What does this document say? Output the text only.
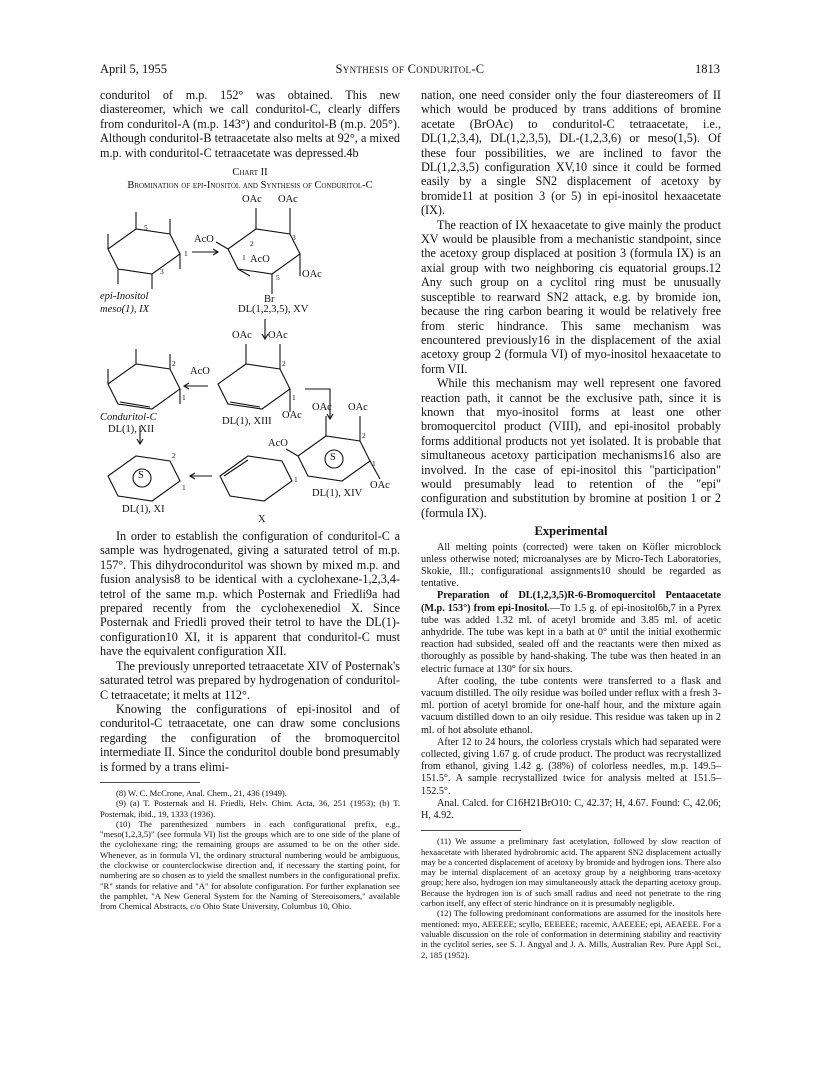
April 5, 1955	Synthesis of Conduritol-C	1813

conduritol of m.p. 152° was obtained. This new diastereomer, which we call conduritol-C, clearly differs from conduritol-A (m.p. 143°) and conduritol-B (m.p. 205°). Although conduritol-B tetraacetate also melts at 92°, a mixed m.p. with conduritol-C tetraacetate was depressed.4b

Chart II
Bromination of epi-Inositol and Synthesis of Conduritol-C
5
3
1
epi-Inositol
meso(1), IX
OAc OAc
AcO
AcO
OAc
Br
3
2
1
5
DL(1,2,3,5), XV
OAc OAc
AcO
OAc
2
1
DL(1), XIII
2
1
Conduritol-C
DL(1), XII
OAc OAc
AcO
OAc
S
2
1
DL(1), XIV
1
X
S
2
1
DL(1), XI

In order to establish the configuration of conduritol-C a sample was hydrogenated, giving a saturated tetrol of m.p. 157°. This dihydroconduritol was shown by mixed m.p. and fusion analysis8 to be identical with a cyclohexane-1,2,3,4-tetrol of the same m.p. which Posternak and Friedli9a had prepared recently from the cyclohexenediol X. Since Posternak and Friedli proved their tetrol to have the DL(1)-configuration10 XI, it is apparent that conduritol-C must have the equivalent configuration XII.

The previously unreported tetraacetate XIV of Posternak's saturated tetrol was prepared by hydrogenation of conduritol-C tetraacetate; it melts at 112°.

Knowing the configurations of epi-inositol and of conduritol-C tetraacetate, one can draw some conclusions regarding the configuration of the bromoquercitol intermediate II. Since the conduritol double bond presumably is formed by a trans elimi-

(8) W. C. McCrone, Anal. Chem., 21, 436 (1949).

(9) (a) T. Posternak and H. Friedli, Helv. Chim. Acta, 36, 251 (1953); (b) T. Posternak, ibid., 19, 1333 (1936).

(10) The parenthesized numbers in each configurational prefix, e.g., "meso(1,2,3,5)" (see formula VI) list the groups which are to one side of the plane of the cyclohexane ring; the remaining groups are assumed to be on the other side. Whenever, as in formula VI, the ordinary structural numbering would be ambiguous, the clockwise or counterclockwise direction and, if necessary the starting point, for numbering are so chosen as to yield the smallest numbers in the configurational prefix. "R" stands for relative and "A" for absolute configuration. For further explanation see the pamphlet, "A New General System for the Naming of Stereoisomers," available from Chemical Abstracts, c/o Ohio State University, Columbus 10, Ohio.

nation, one need consider only the four diastereomers of II which would be produced by trans additions of bromine acetate (BrOAc) to conduritol-C tetraacetate, i.e., DL(1,2,3,4), DL(1,2,3,5), DL-(1,2,3,6) or meso(1,5). Of these four possibilities, we are inclined to favor the DL(1,2,3,5) configuration XV,10 since it could be formed easily by a single SN2 displacement of acetoxy by bromide11 at position 3 (or 5) in epi-inositol hexaacetate (IX).

The reaction of IX hexaacetate to give mainly the product XV would be plausible from a mechanistic standpoint, since the acetoxy group displaced at position 3 (formula IX) is an axial group with two neighboring cis equatorial groups.12 Any such group on a cyclitol ring must be unusually susceptible to rearward SN2 attack, e.g. by bromide ion, because the ring carbon bearing it would be relatively free from steric hindrance. This same mechanism was encountered previously16 in the displacement of the axial acetoxy group 2 (formula VI) of myo-inositol hexaacetate to form VII.

While this mechanism may well represent one favored reaction path, it cannot be the exclusive path, since it is known that myo-inositol forms at least one other bromoquercitol product (VIII), and epi-inositol probably forms additional products not yet isolated. It is probable that simultaneous acetoxy participation mechanisms16 also are involved. In the case of epi-inositol this "participation" would presumably lead to retention of the "epi" configuration and substitution by bromine at position 1 or 2 (formula IX).

Experimental

All melting points (corrected) were taken on Köfler microblock unless otherwise noted; microanalyses are by Micro-Tech Laboratories, Skokie, Ill.; configurational assignments10 should be regarded as tentative.

Preparation of DL(1,2,3,5)R-6-Bromoquercitol Pentaacetate (M.p. 153°) from epi-Inositol.—To 1.5 g. of epi-inositol6b,7 in a Pyrex tube was added 1.32 ml. of acetyl bromide and 3.85 ml. of acetic anhydride. The tube was kept in a bath at 0° until the initial exothermic reaction had subsided, sealed off and the reactants were then mixed as thoroughly as possible by hand-shaking. The tube was then heated in an electric furnace at 130° for six hours.

After cooling, the tube contents were transferred to a flask and vacuum distilled. The oily residue was boiled under reflux with a fresh 3-ml. portion of acetyl bromide for one-half hour, and the mixture again vacuum distilled down to an oily residue. This residue was taken up in 2 ml. of hot absolute ethanol.

After 12 to 24 hours, the colorless crystals which had separated were collected, giving 1.67 g. of crude product. The product was recrystallized from ethanol, giving 1.42 g. (38%) of colorless needles, m.p. 149.5–151.5°. A sample recrystallized twice for analysis melted at 151.5–152.5°.

Anal. Calcd. for C16H21BrO10: C, 42.37; H, 4.67. Found: C, 42.06; H, 4.92.

(11) We assume a preliminary fast acetylation, followed by slow reaction of hexaacetate with liberated hydrobromic acid. The apparent SN2 displacement actually may be a concerted displacement of acetoxy by bromide and hydrogen ions. There also may be internal displacement of an acetoxy group by a neighboring trans-acetoxy group; here also, hydrogen ion may simultaneously attack the departing acetoxy group. Because the hydrogen ion is of such small radius and need not penetrate to the ring carbon itself, any effect of steric hindrance on it is presumably negligible.

(12) The following predominant conformations are assumed for the inositols here mentioned: myo, AEEEEE; scyllo, EEEEEE; racemic, AAEEEE; epi, AEAEEE. For a valuable discussion on the role of conformation in determining stability and reactivity in the cyclitol series, see S. J. Angyal and J. A. Mills, Australian Rev. Pure Appl Sci., 2, 185 (1952).
